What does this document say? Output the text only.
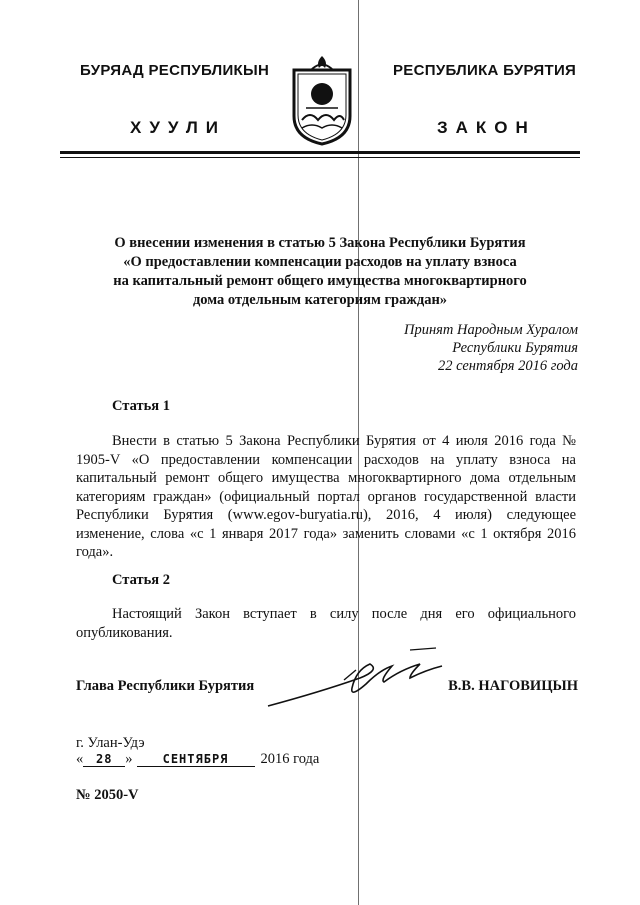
БУРЯАД РЕСПУБЛИКЫН	РЕСПУБЛИКА БУРЯТИЯ
ХУУЛИ	ЗАКОН
О внесении изменения в статью 5 Закона Республики Бурятия
«О предоставлении компенсации расходов на уплату взноса
на капитальный ремонт общего имущества многоквартирного
дома отдельным категориям граждан»
Принят Народным Хуралом
Республики Бурятия
22 сентября 2016 года
Статья 1
Внести в статью 5 Закона Республики Бурятия от 4 июля 2016 года № 1905-V «О предоставлении компенсации расходов на уплату взноса на капитальный ремонт общего имущества многоквартирного дома отдельным категориям граждан» (официальный портал органов государственной власти Республики Бурятия (www.egov-buryatia.ru), 2016, 4 июля) следующее изменение, слова «с 1 января 2017 года» заменить словами «с 1 октября 2016 года».
Статья 2
Настоящий Закон вступает в силу после дня его официального опубликования.
Глава Республики Бурятия	В.В. НАГОВИЦЫН
г. Улан-Удэ
« 28 »	СЕНТЯБРЯ 2016 года
№ 2050-V
